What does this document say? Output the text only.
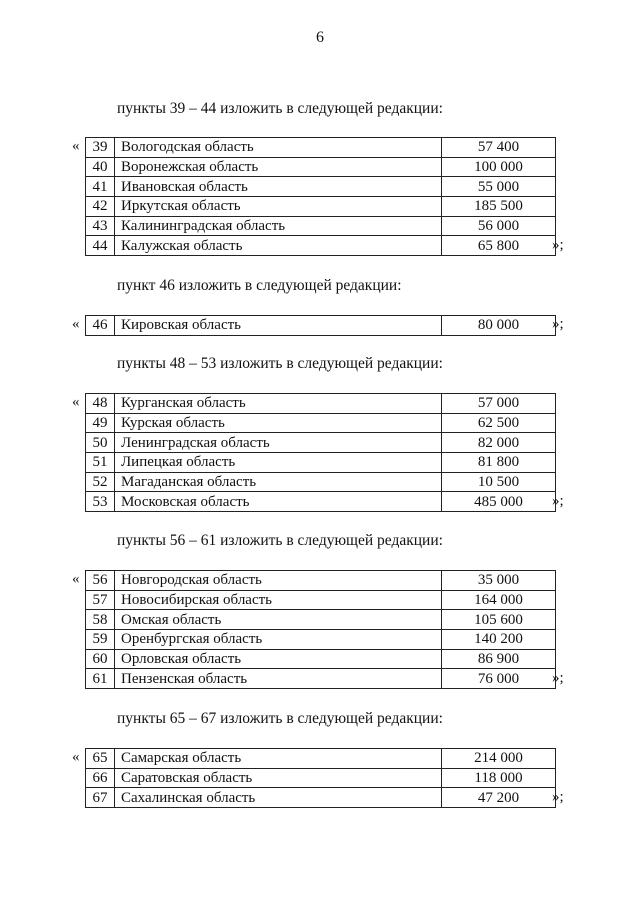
6
пункты 39 – 44 изложить в следующей редакции:
« 39	Вологодская область	57 400
40	Воронежская область	100 000
41	Ивановская область	55 000
42	Иркутская область	185 500
43	Калининградская область	56 000
44	Калужская область	65 800 »;
пункт 46 изложить в следующей редакции:
« 46	Кировская область	80 000 »;
пункты 48 – 53 изложить в следующей редакции:
« 48	Курганская область	57 000
49	Курская область	62 500
50	Ленинградская область	82 000
51	Липецкая область	81 800
52	Магаданская область	10 500
53	Московская область	485 000 »;
пункты 56 – 61 изложить в следующей редакции:
« 56	Новгородская область	35 000
57	Новосибирская область	164 000
58	Омская область	105 600
59	Оренбургская область	140 200
60	Орловская область	86 900
61	Пензенская область	76 000 »;
пункты 65 – 67 изложить в следующей редакции:
« 65	Самарская область	214 000
66	Саратовская область	118 000
67	Сахалинская область	47 200 »;
